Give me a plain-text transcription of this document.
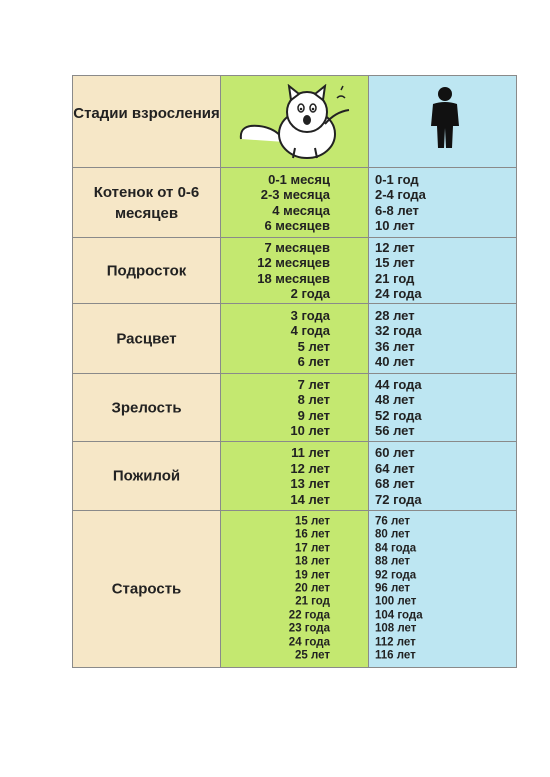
Стадии взросления
Котенок от 0-6 месяцев
0-1 месяц
2-3 месяца
4 месяца
6 месяцев
0-1 год
2-4 года
6-8 лет
10 лет
Подросток
7 месяцев
12 месяцев
18 месяцев
2 года
12 лет
15 лет
21 год
24 года
Расцвет
3 года
4 года
5 лет
6 лет
28 лет
32 года
36 лет
40 лет
Зрелость
7 лет
8 лет
9 лет
10 лет
44 года
48 лет
52 года
56 лет
Пожилой
11 лет
12 лет
13 лет
14 лет
60 лет
64 лет
68 лет
72 года
Старость
15 лет
16 лет
17 лет
18 лет
19 лет
20 лет
21 год
22 года
23 года
24 года
25 лет
76 лет
80 лет
84 года
88 лет
92 года
96 лет
100 лет
104 года
108 лет
112 лет
116 лет
